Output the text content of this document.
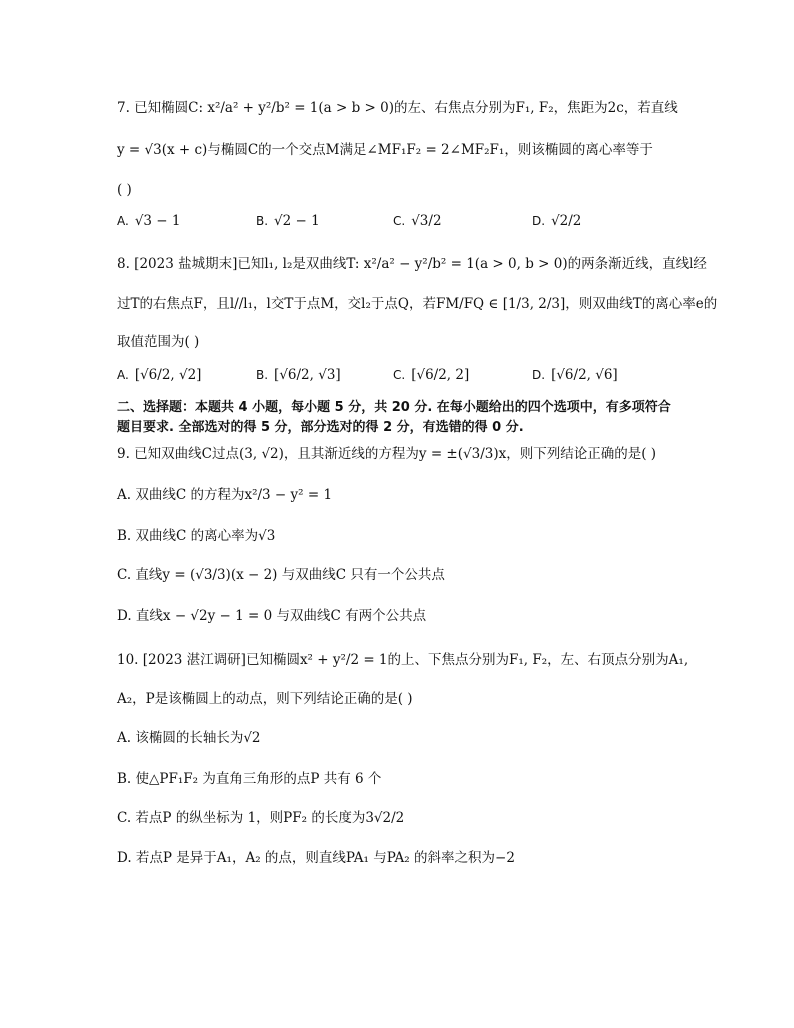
7. 已知椭圆C: x²/a² + y²/b² = 1(a > b > 0)的左、右焦点分别为F₁, F₂，焦距为2c，若直线
y = √3(x + c)与椭圆C的一个交点M满足∠MF₁F₂ = 2∠MF₂F₁，则该椭圆的离心率等于
( )
A. √3 − 1	B. √2 − 1	C. √3/2	D. √2/2
8. [2023 盐城期末]已知l₁, l₂是双曲线T: x²/a² − y²/b² = 1(a > 0, b > 0)的两条渐近线，直线l经
过T的右焦点F，且l//l₁，l交T于点M，交l₂于点Q，若FM/FQ ∈ [1/3, 2/3]，则双曲线T的离心率e的
取值范围为( )
A. [√6/2, √2]	B. [√6/2, √3]	C. [√6/2, 2]	D. [√6/2, √6]
二、选择题：本题共 4 小题，每小题 5 分，共 20 分. 在每小题给出的四个选项中，有多项符合
题目要求. 全部选对的得 5 分，部分选对的得 2 分，有选错的得 0 分.
9. 已知双曲线C过点(3, √2)，且其渐近线的方程为y = ±(√3/3)x，则下列结论正确的是( )
A. 双曲线C 的方程为x²/3 − y² = 1
B. 双曲线C 的离心率为√3
C. 直线y = (√3/3)(x − 2) 与双曲线C 只有一个公共点
D. 直线x − √2y − 1 = 0 与双曲线C 有两个公共点
10. [2023 湛江调研]已知椭圆x² + y²/2 = 1的上、下焦点分别为F₁, F₂，左、右顶点分别为A₁,
A₂，P是该椭圆上的动点，则下列结论正确的是( )
A. 该椭圆的长轴长为√2
B. 使△PF₁F₂ 为直角三角形的点P 共有 6 个
C. 若点P 的纵坐标为 1，则PF₂ 的长度为3√2/2
D. 若点P 是异于A₁，A₂ 的点，则直线PA₁ 与PA₂ 的斜率之积为−2
